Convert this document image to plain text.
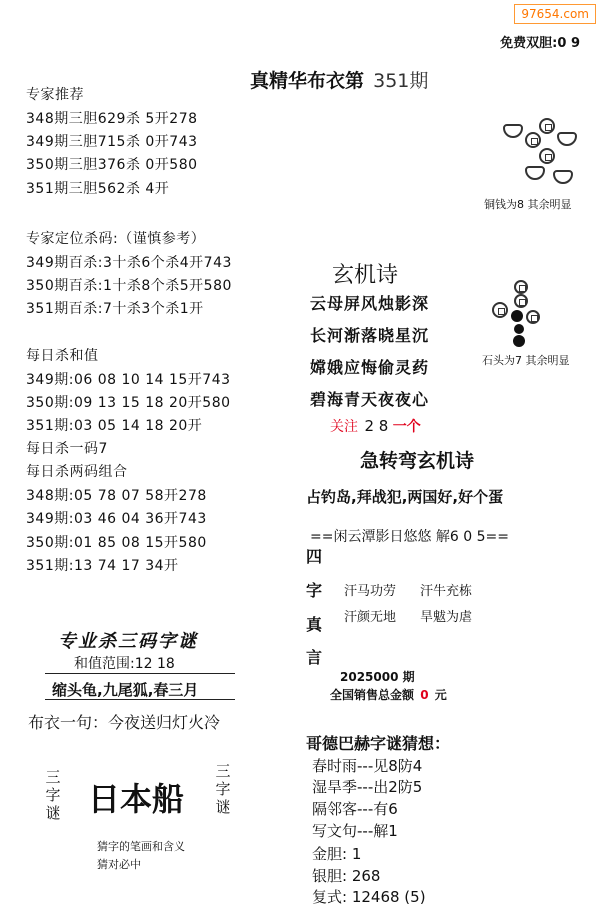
97654.com
免费双胆:0 9
真精华布衣第 351期
专家推荐
348期三胆629杀 5开278
349期三胆715杀 0开743
350期三胆376杀 0开580
351期三胆562杀 4开
专家定位杀码:（谨慎参考）
349期百杀:3十杀6个杀4开743
350期百杀:1十杀8个杀5开580
351期百杀:7十杀3个杀1开
每日杀和值
349期:06 08 10 14 15开743
350期:09 13 15 18 20开580
351期:03 05 14 18 20开
每日杀一码7
每日杀两码组合
348期:05 78 07 58开278
349期:03 46 04 36开743
350期:01 85 08 15开580
351期:13 74 17 34开
专业杀三码字谜
和值范围:12 18
缩头龟,九尾狐,春三月
布衣一句：今夜送归灯火冷
三字谜 日本船
三字谜
猜字的笔画和含义
猜对必中
铜钱为8 其余明显
石头为7 其余明显
玄机诗
云母屏风烛影深
长河渐落晓星沉
嫦娥应悔偷灵药
碧海青天夜夜心
关注 2 8 一个
急转弯玄机诗
占钓岛,拜战犯,两国好,好个蛋
==闲云潭影日悠悠 解6 0 5==
四
字
真
言
汗马功劳 汗牛充栋
汗颜无地 旱魃为虐
2025000 期
全国销售总金额 0 元
哥德巴赫字谜猜想：
春时雨---见8防4
湿旱季---出2防5
隔邻客---有6
写文句---解1
金胆: 1
银胆: 268
复式: 12468 (5)
